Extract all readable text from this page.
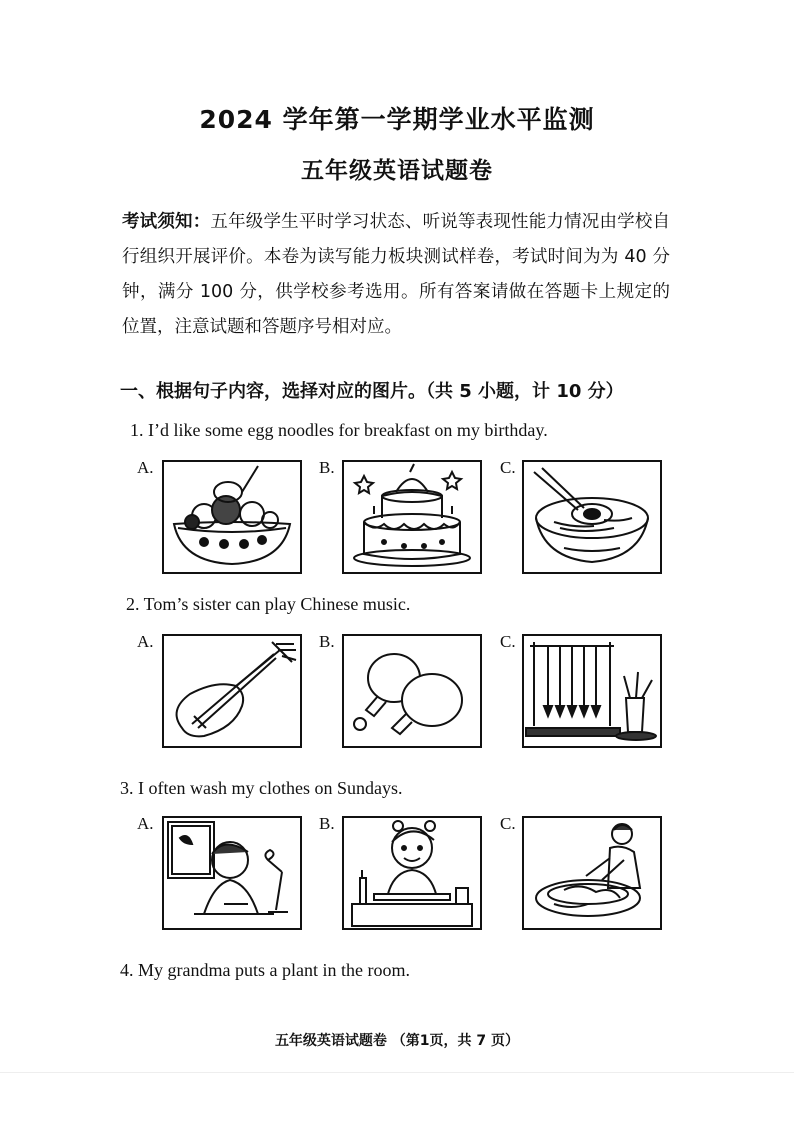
2024 学年第一学期学业水平监测
五年级英语试题卷
考试须知：五年级学生平时学习状态、听说等表现性能力情况由学校自行组织开展评价。本卷为读写能力板块测试样卷，考试时间为为 40 分钟，满分 100 分，供学校参考选用。所有答案请做在答题卡上规定的位置，注意试题和答题序号相对应。
一、根据句子内容，选择对应的图片。（共 5 小题，计 10 分）
1. I’d like some egg noodles for breakfast on my birthday.
A.	B.	C.
2. Tom’s sister can play Chinese music.
A.	B.	C.
3. I often wash my clothes on Sundays.
A.	B.	C.
4. My grandma puts a plant in the room.
五年级英语试题卷 （第1页，共 7 页）
